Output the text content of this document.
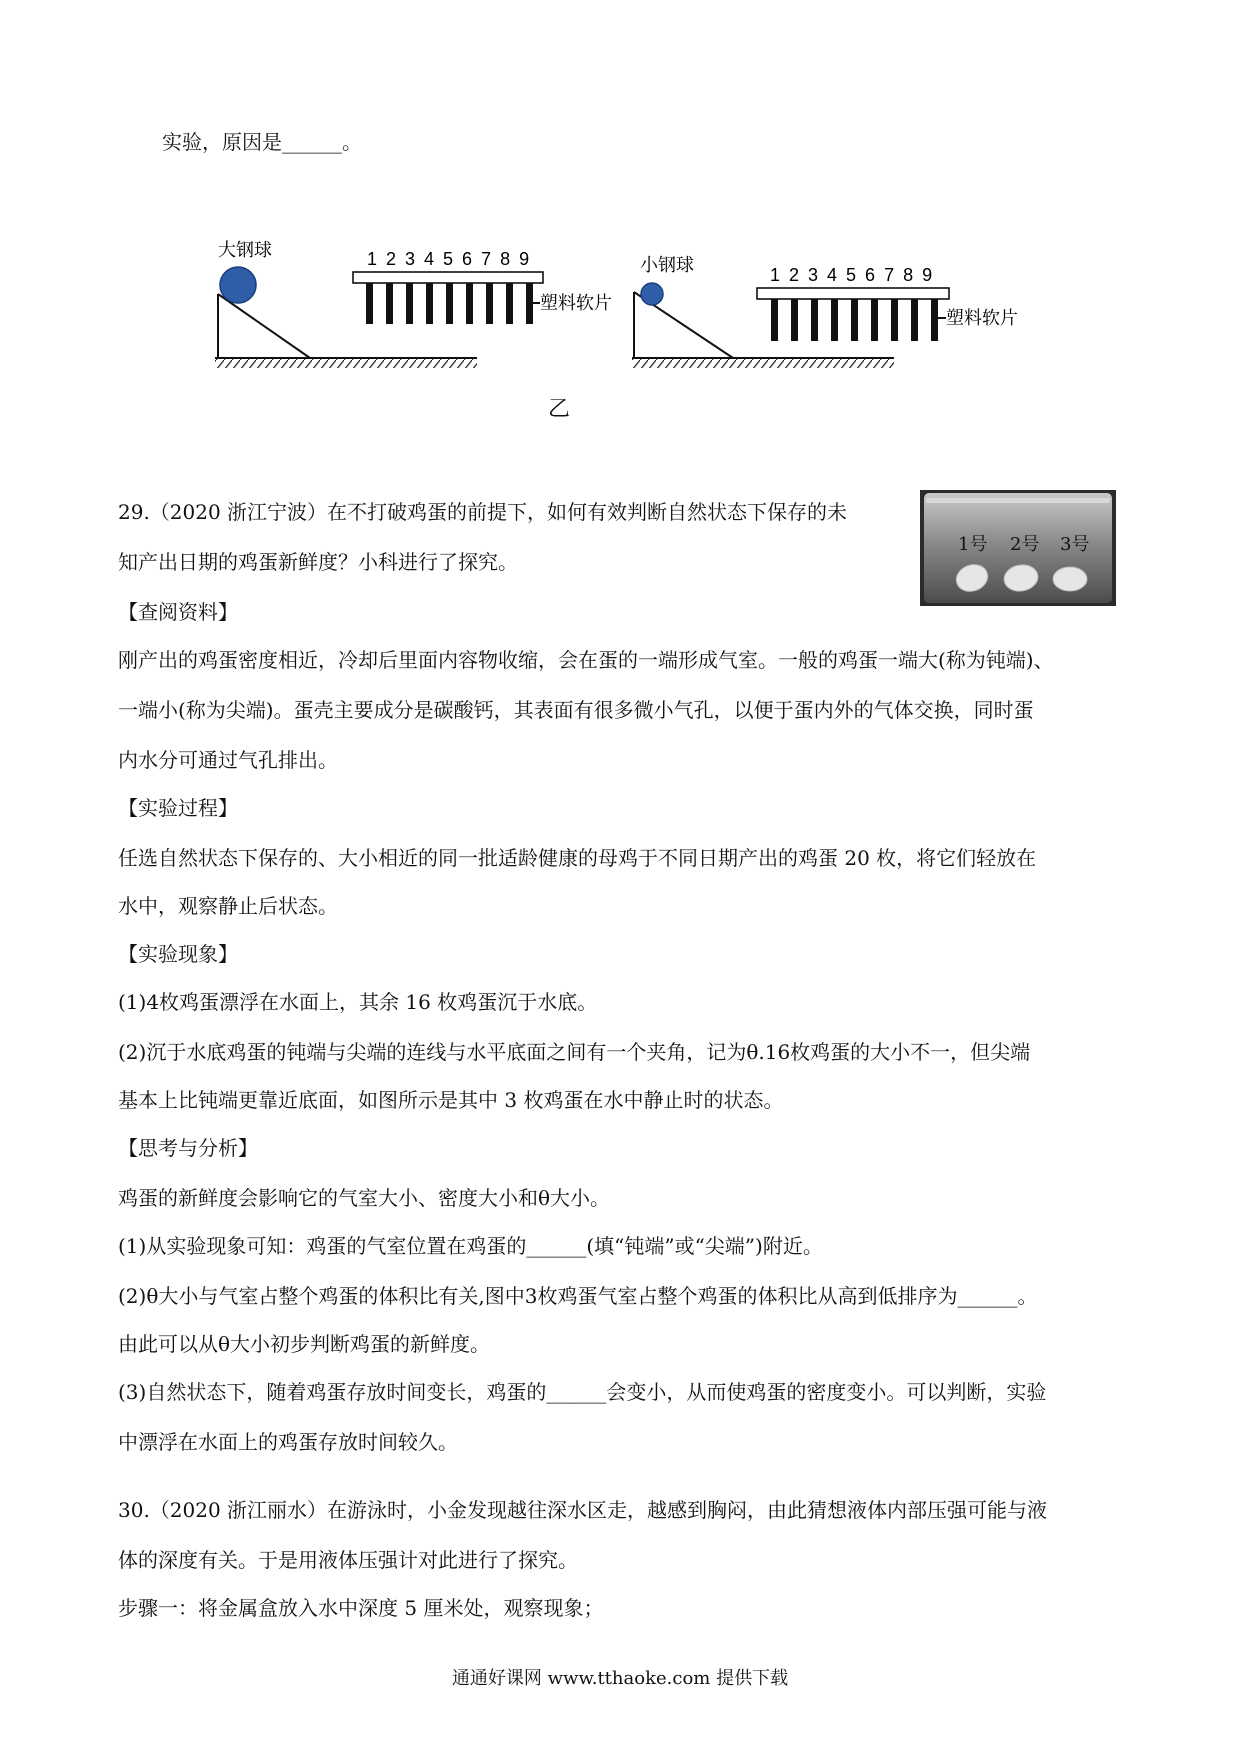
实验，原因是______。
大钢球	1 2 3 4 5 6 7 8 9
塑料软片
小钢球	1 2 3 4 5 6 7 8 9
塑料软片
乙
1号 2号 3号
29.（2020 浙江宁波）在不打破鸡蛋的前提下，如何有效判断自然状态下保存的未
知产出日期的鸡蛋新鲜度？小科进行了探究。
【查阅资料】
刚产出的鸡蛋密度相近，冷却后里面内容物收缩，会在蛋的一端形成气室。一般的鸡蛋一端大(称为钝端)、
一端小(称为尖端)。蛋壳主要成分是碳酸钙，其表面有很多微小气孔，以便于蛋内外的气体交换，同时蛋
内水分可通过气孔排出。
【实验过程】
任选自然状态下保存的、大小相近的同一批适龄健康的母鸡于不同日期产出的鸡蛋 20 枚，将它们轻放在
水中，观察静止后状态。
【实验现象】
(1)4枚鸡蛋漂浮在水面上，其余 16 枚鸡蛋沉于水底。
(2)沉于水底鸡蛋的钝端与尖端的连线与水平底面之间有一个夹角，记为θ.16枚鸡蛋的大小不一，但尖端
基本上比钝端更靠近底面，如图所示是其中 3 枚鸡蛋在水中静止时的状态。
【思考与分析】
鸡蛋的新鲜度会影响它的气室大小、密度大小和θ大小。
(1)从实验现象可知：鸡蛋的气室位置在鸡蛋的______(填“钝端”或“尖端”)附近。
(2)θ大小与气室占整个鸡蛋的体积比有关,图中3枚鸡蛋气室占整个鸡蛋的体积比从高到低排序为______。
由此可以从θ大小初步判断鸡蛋的新鲜度。
(3)自然状态下，随着鸡蛋存放时间变长，鸡蛋的______会变小，从而使鸡蛋的密度变小。可以判断，实验
中漂浮在水面上的鸡蛋存放时间较久。
30.（2020 浙江丽水）在游泳时，小金发现越往深水区走，越感到胸闷，由此猜想液体内部压强可能与液
体的深度有关。于是用液体压强计对此进行了探究。
步骤一：将金属盒放入水中深度 5 厘米处，观察现象；
通通好课网 www.tthaoke.com 提供下载
